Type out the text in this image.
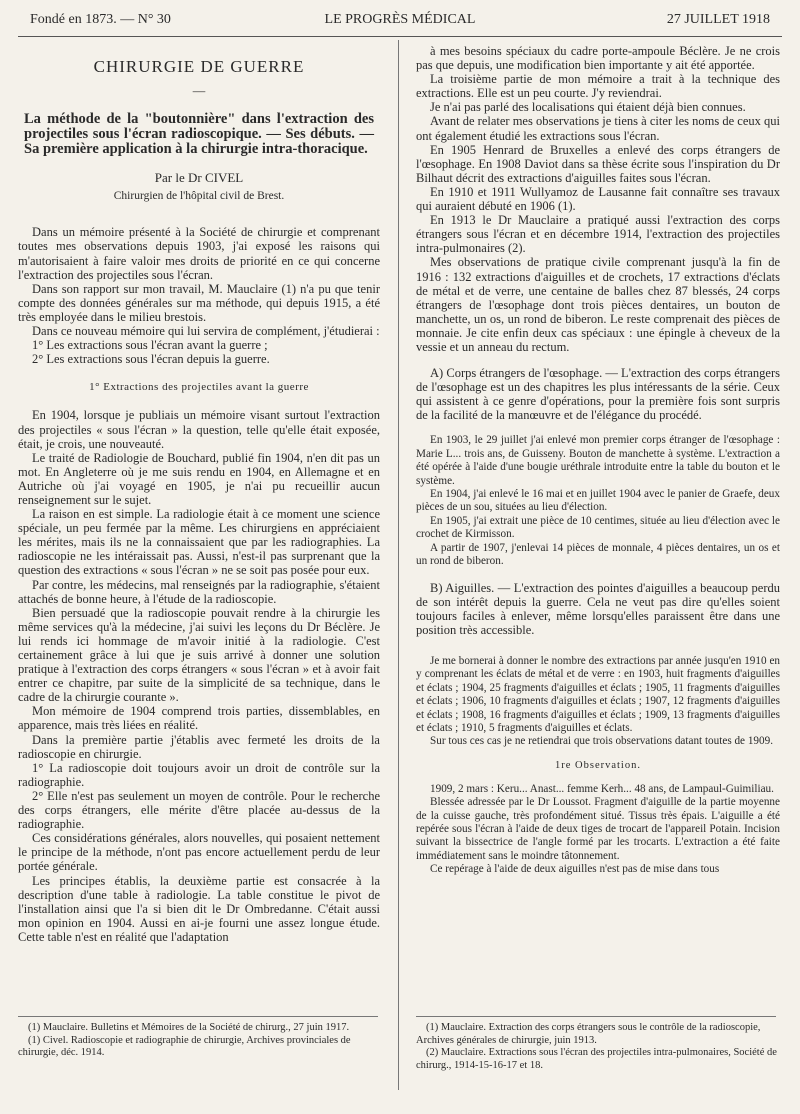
Fondé en 1873. — N° 30	LE PROGRÈS MÉDICAL	27 JUILLET 1918

CHIRURGIE DE GUERRE

—

La méthode de la "boutonnière" dans l'extraction des projectiles sous l'écran radioscopique. — Ses débuts. — Sa première application à la chirurgie intra-thoracique.

Par le Dr CIVEL

Chirurgien de l'hôpital civil de Brest.

Dans un mémoire présenté à la Société de chirurgie et comprenant toutes mes observations depuis 1903, j'ai exposé les raisons qui m'autorisaient à faire valoir mes droits de priorité en ce qui concerne l'extraction des projectiles sous l'écran.

Dans son rapport sur mon travail, M. Mauclaire (1) n'a pu que tenir compte des données générales sur ma méthode, qui depuis 1915, a été très employée dans le milieu brestois.

Dans ce nouveau mémoire qui lui servira de complément, j'étudierai :

1° Les extractions sous l'écran avant la guerre ;

2° Les extractions sous l'écran depuis la guerre.

1° Extractions des projectiles avant la guerre

En 1904, lorsque je publiais un mémoire visant surtout l'extraction des projectiles « sous l'écran » la question, telle qu'elle était exposée, était, je crois, une nouveauté.

Le traité de Radiologie de Bouchard, publié fin 1904, n'en dit pas un mot. En Angleterre où je me suis rendu en 1904, en Allemagne et en Autriche où j'ai voyagé en 1905, je n'ai pu recueillir aucun renseignement sur le sujet.

La raison en est simple. La radiologie était à ce moment une science spéciale, un peu fermée par la même. Les chirurgiens en appréciaient les mérites, mais ils ne la connaissaient que par les radiographies. La radioscopie ne les intéraissait pas. Aussi, n'est-il pas surprenant que la question des extractions « sous l'écran » ne se soit pas posée pour eux.

Par contre, les médecins, mal renseignés par la radiographie, s'étaient attachés de bonne heure, à l'étude de la radioscopie.

Bien persuadé que la radioscopie pouvait rendre à la chirurgie les même services qu'à la médecine, j'ai suivi les leçons du Dr Béclère. Je lui rends ici hommage de m'avoir initié à la radiologie. C'est certainement grâce à lui que je suis arrivé à donner une solution pratique à l'extraction des corps étrangers « sous l'écran » et à avoir fait entrer ce chapitre, par suite de la simplicité de sa technique, dans le cadre de la chirurgie courante ».

Mon mémoire de 1904 comprend trois parties, dissemblables, en apparence, mais très liées en réalité.

Dans la première partie j'établis avec fermeté les droits de la radioscopie en chirurgie.

1° La radioscopie doit toujours avoir un droit de contrôle sur la radiographie.

2° Elle n'est pas seulement un moyen de contrôle. Pour le recherche des corps étrangers, elle mérite d'être placée au-dessus de la radiographie.

Ces considérations générales, alors nouvelles, qui posaient nettement le principe de la méthode, n'ont pas encore actuellement perdu de leur portée générale.

Les principes établis, la deuxième partie est consacrée à la description d'une table à radiologie. La table constitue le pivot de l'installation ainsi que l'a si bien dit le Dr Ombredanne. C'était aussi mon opinion en 1904. Aussi en ai-je fourni une assez longue étude. Cette table n'est en réalité que l'adaptation

à mes besoins spéciaux du cadre porte-ampoule Béclère. Je ne crois pas que depuis, une modification bien importante y ait été apportée.

La troisième partie de mon mémoire a trait à la technique des extractions. Elle est un peu courte. J'y reviendrai.

Je n'ai pas parlé des localisations qui étaient déjà bien connues.

Avant de relater mes observations je tiens à citer les noms de ceux qui ont également étudié les extractions sous l'écran.

En 1905 Henrard de Bruxelles a enlevé des corps étrangers de l'œsophage. En 1908 Daviot dans sa thèse écrite sous l'inspiration du Dr Bilhaut décrit des extractions d'aiguilles faites sous l'écran.

En 1910 et 1911 Wullyamoz de Lausanne fait connaître ses travaux qui auraient débuté en 1906 (1).

En 1913 le Dr Mauclaire a pratiqué aussi l'extraction des corps étrangers sous l'écran et en décembre 1914, l'extraction des projectiles intra-pulmonaires (2).

Mes observations de pratique civile comprenant jusqu'à la fin de 1916 : 132 extractions d'aiguilles et de crochets, 17 extractions d'éclats de métal et de verre, une centaine de balles chez 87 blessés, 24 corps étrangers de l'œsophage dont trois pièces dentaires, un bouton de manchette, un os, un rond de biberon. Le reste comprenait des pièces de monnaie. Je cite enfin deux cas spéciaux : une épingle à cheveux de la vessie et un anneau du rectum.

A) Corps étrangers de l'œsophage. — L'extraction des corps étrangers de l'œsophage est un des chapitres les plus intéressants de la série. Ceux qui assistent à ce genre d'opérations, pour la première fois sont surpris de la facilité de la manœuvre et de l'élégance du procédé.

En 1903, le 29 juillet j'ai enlevé mon premier corps étranger de l'œsophage : Marie L... trois ans, de Guisseny. Bouton de manchette à système. L'extraction a été opérée à l'aide d'une bougie uréthrale introduite entre la table du bouton et le système.

En 1904, j'ai enlevé le 16 mai et en juillet 1904 avec le panier de Graefe, deux pièces de un sou, situées au lieu d'élection.

En 1905, j'ai extrait une pièce de 10 centimes, située au lieu d'élection avec le crochet de Kirmisson.

A partir de 1907, j'enlevai 14 pièces de monnale, 4 pièces dentaires, un os et un rond de biberon.

B) Aiguilles. — L'extraction des pointes d'aiguilles a beaucoup perdu de son intérêt depuis la guerre. Cela ne veut pas dire qu'elles soient toujours faciles à enlever, même lorsqu'elles paraissent être dans une position très accessible.

Je me bornerai à donner le nombre des extractions par année jusqu'en 1910 en y comprenant les éclats de métal et de verre : en 1903, huit fragments d'aiguilles et éclats ; 1904, 25 fragments d'aiguilles et éclats ; 1905, 11 fragments d'aiguilles et éclats ; 1906, 10 fragments d'aiguilles et éclats ; 1907, 12 fragments d'aiguilles et éclats ; 1908, 16 fragments d'aiguilles et éclats ; 1909, 13 fragments d'aiguilles et éclats ; 1910, 5 fragments d'aiguilles et éclats.

Sur tous ces cas je ne retiendrai que trois observations datant toutes de 1909.

1re Observation.

1909, 2 mars : Keru... Anast... femme Kerh... 48 ans, de Lampaul-Guimiliau.

Blessée adressée par le Dr Loussot. Fragment d'aiguille de la partie moyenne de la cuisse gauche, très profondément situé. Tissus très épais. L'aiguille a été repérée sous l'écran à l'aide de deux tiges de trocart de l'appareil Potain. Incision suivant la bissectrice de l'angle formé par les trocarts. L'extraction a été faite immédiatement sans le moindre tâtonnement.

Ce repérage à l'aide de deux aiguilles n'est pas de mise dans tous

(1) Mauclaire. Bulletins et Mémoires de la Société de chirurg., 27 juin 1917.

(1) Civel. Radioscopie et radiographie de chirurgie, Archives provinciales de chirurgie, déc. 1914.

(1) Mauclaire. Extraction des corps étrangers sous le contrôle de la radioscopie, Archives générales de chirurgie, juin 1913.

(2) Mauclaire. Extractions sous l'écran des projectiles intra-pulmonaires, Société de chirurg., 1914-15-16-17 et 18.
